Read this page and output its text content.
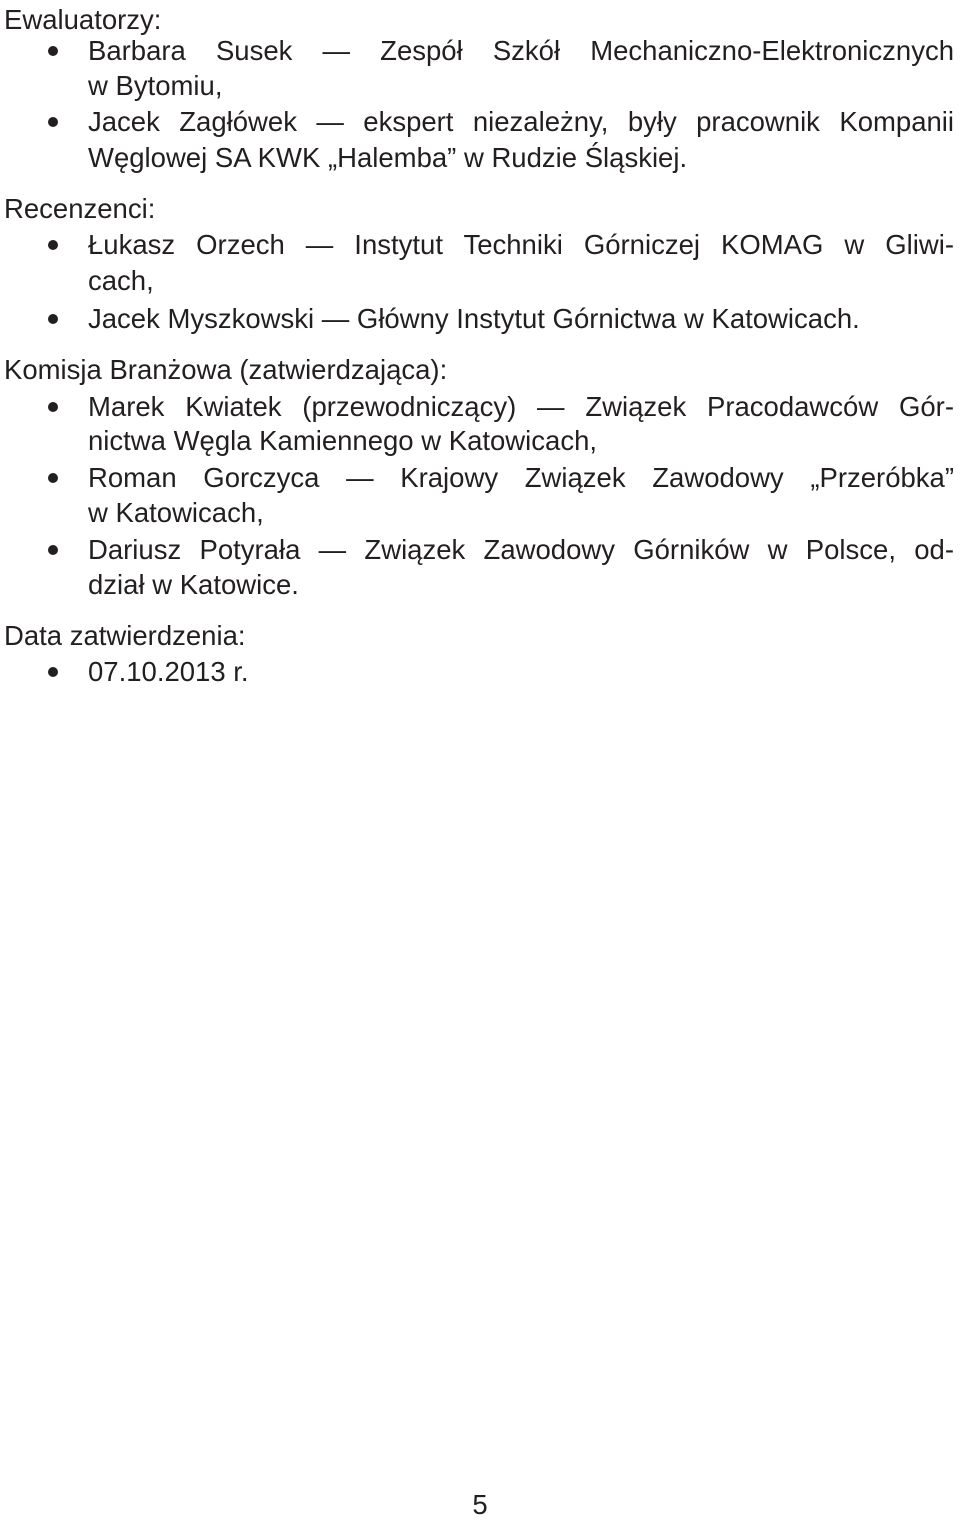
Ewaluatorzy:
Barbara Susek — Zespół Szkół Mechaniczno-Elektronicznych
w Bytomiu,
Jacek Zagłówek — ekspert niezależny, były pracownik Kompanii
Węglowej SA KWK „Halemba” w Rudzie Śląskiej.
Recenzenci:
Łukasz Orzech — Instytut Techniki Górniczej KOMAG w Gliwi-
cach,
Jacek Myszkowski — Główny Instytut Górnictwa w Katowicach.
Komisja Branżowa (zatwierdzająca):
Marek Kwiatek (przewodniczący) — Związek Pracodawców Gór-
nictwa Węgla Kamiennego w Katowicach,
Roman Gorczyca — Krajowy Związek Zawodowy „Przeróbka”
w Katowicach,
Dariusz Potyrała — Związek Zawodowy Górników w Polsce, od-
dział w Katowice.
Data zatwierdzenia:
07.10.2013 r.
5
